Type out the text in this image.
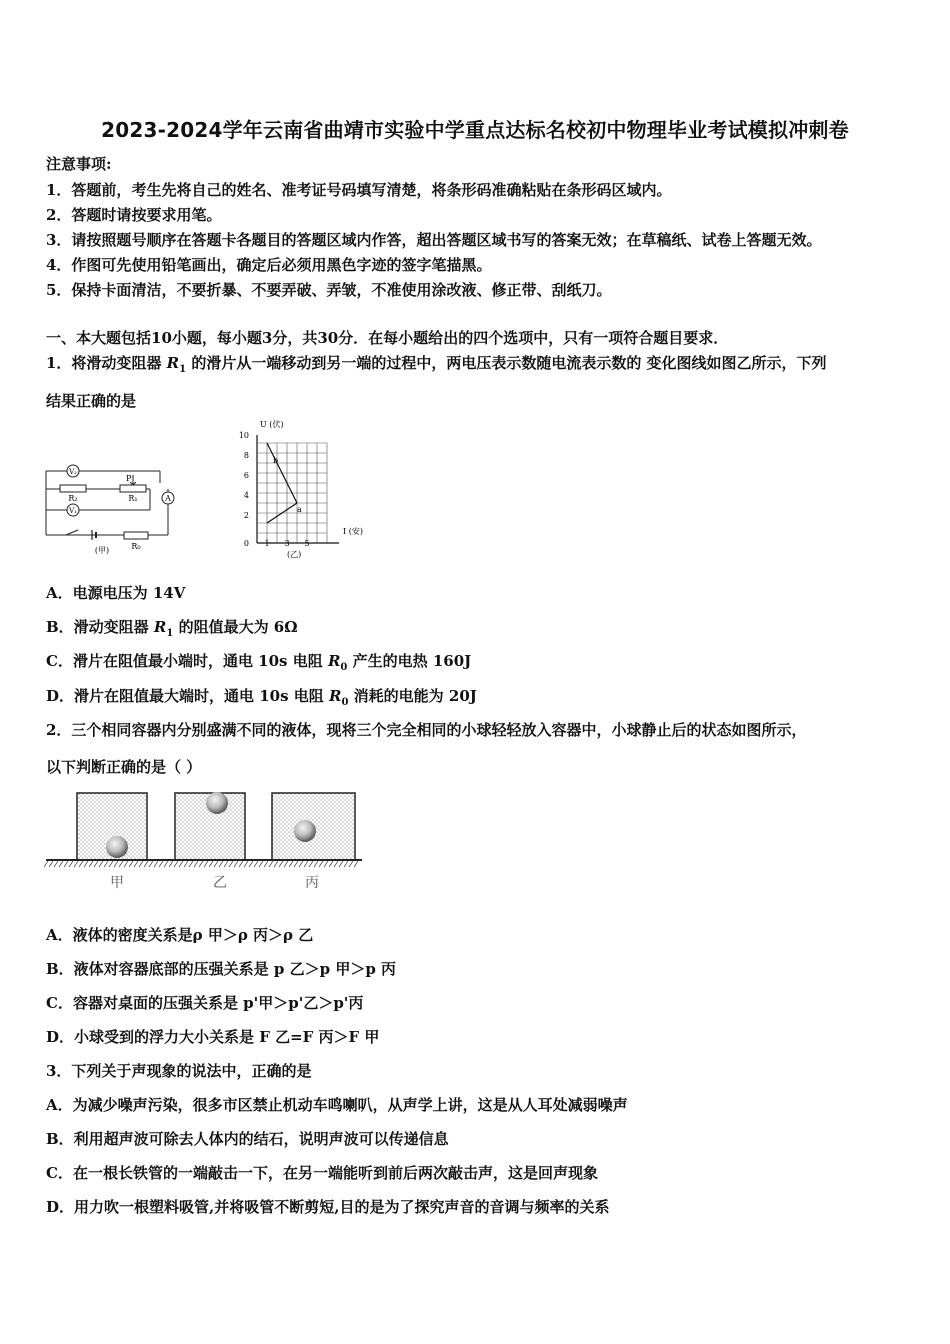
2023-2024学年云南省曲靖市实验中学重点达标名校初中物理毕业考试模拟冲刺卷
注意事项:
1．答题前，考生先将自己的姓名、准考证号码填写清楚，将条形码准确粘贴在条形码区域内。
2．答题时请按要求用笔。
3．请按照题号顺序在答题卡各题目的答题区域内作答，超出答题区域书写的答案无效；在草稿纸、试卷上答题无效。
4．作图可先使用铅笔画出，确定后必须用黑色字迹的签字笔描黑。
5．保持卡面清洁，不要折暴、不要弄破、弄皱，不准使用涂改液、修正带、刮纸刀。
一、本大题包括10小题，每小题3分，共30分．在每小题给出的四个选项中，只有一项符合题目要求．
1．将滑动变阻器 $R_1$ 的滑片从一端移动到另一端的过程中，两电压表示数随电流表示数的 变化图线如图乙所示，下列
结果正确的是
V₂
V₁
A
R₂	R₁
P
R₀
(甲)
U (伏)
I (安)
(乙)
10
8
6
4
2
0 1 3 5
b
a
A．电源电压为 14V
B．滑动变阻器 $R_1$ 的阻值最大为 6Ω
C．滑片在阻值最小端时，通电 10s 电阻 $R_0$ 产生的电热 160J
D．滑片在阻值最大端时，通电 10s 电阻 $R_0$ 消耗的电能为 20J
2．三个相同容器内分别盛满不同的液体，现将三个完全相同的小球轻轻放入容器中，小球静止后的状态如图所示，
以下判断正确的是（ ）
甲	乙	丙
A．液体的密度关系是ρ 甲＞ρ 丙＞ρ 乙
B．液体对容器底部的压强关系是 p 乙＞p 甲＞p 丙
C．容器对桌面的压强关系是 p'甲＞p'乙＞p'丙
D．小球受到的浮力大小关系是 F 乙=F 丙＞F 甲
3．下列关于声现象的说法中，正确的是
A．为减少噪声污染，很多市区禁止机动车鸣喇叭，从声学上讲，这是从人耳处减弱噪声
B．利用超声波可除去人体内的结石，说明声波可以传递信息
C．在一根长铁管的一端敲击一下，在另一端能听到前后两次敲击声，这是回声现象
D．用力吹一根塑料吸管,并将吸管不断剪短,目的是为了探究声音的音调与频率的关系
